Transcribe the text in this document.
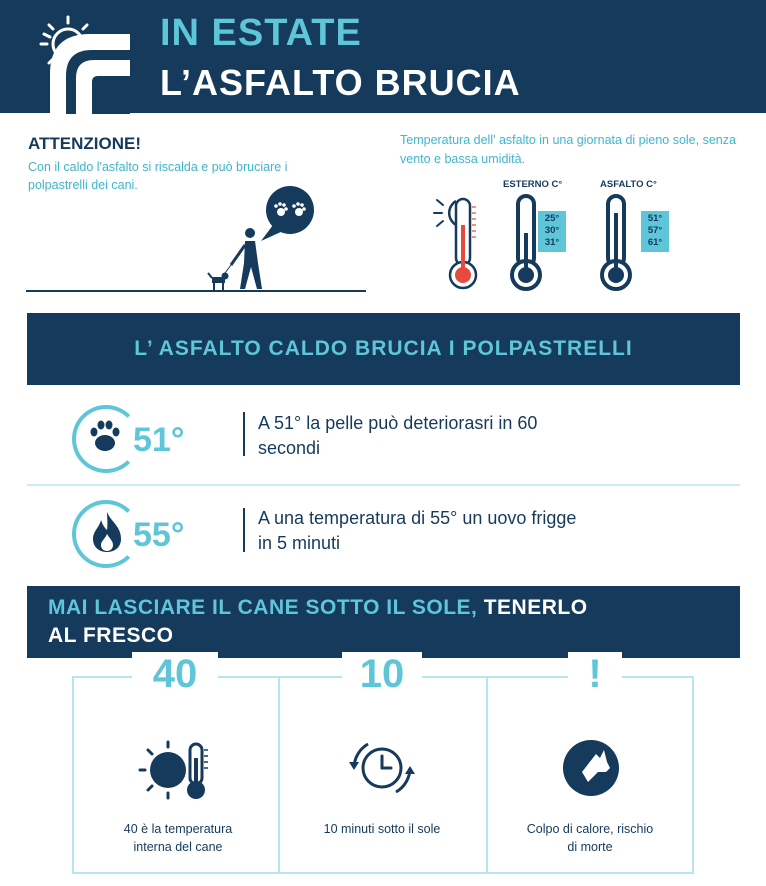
IN ESTATE
L’ASFALTO BRUCIA
ATTENZIONE!
Con il caldo l'asfalto si riscalda e può bruciare i polpastrelli dei cani.
Temperatura dell' asfalto in una giornata di pieno sole, senza vento e bassa umidità.
ESTERNO C°	ASFALTO C°
25°
30°
31°
51°
57°
61°
L’ ASFALTO CALDO BRUCIA I POLPASTRELLI
51°	A 51° la pelle può deteriorasri in 60
secondi
55°	A una temperatura di 55° un uovo frigge
in 5 minuti
MAI LASCIARE IL CANE SOTTO IL SOLE, TENERLO
AL FRESCO
40	10	!
40 è la temperatura
interna del cane
10 minuti sotto il sole	Colpo di calore, rischio
di morte
